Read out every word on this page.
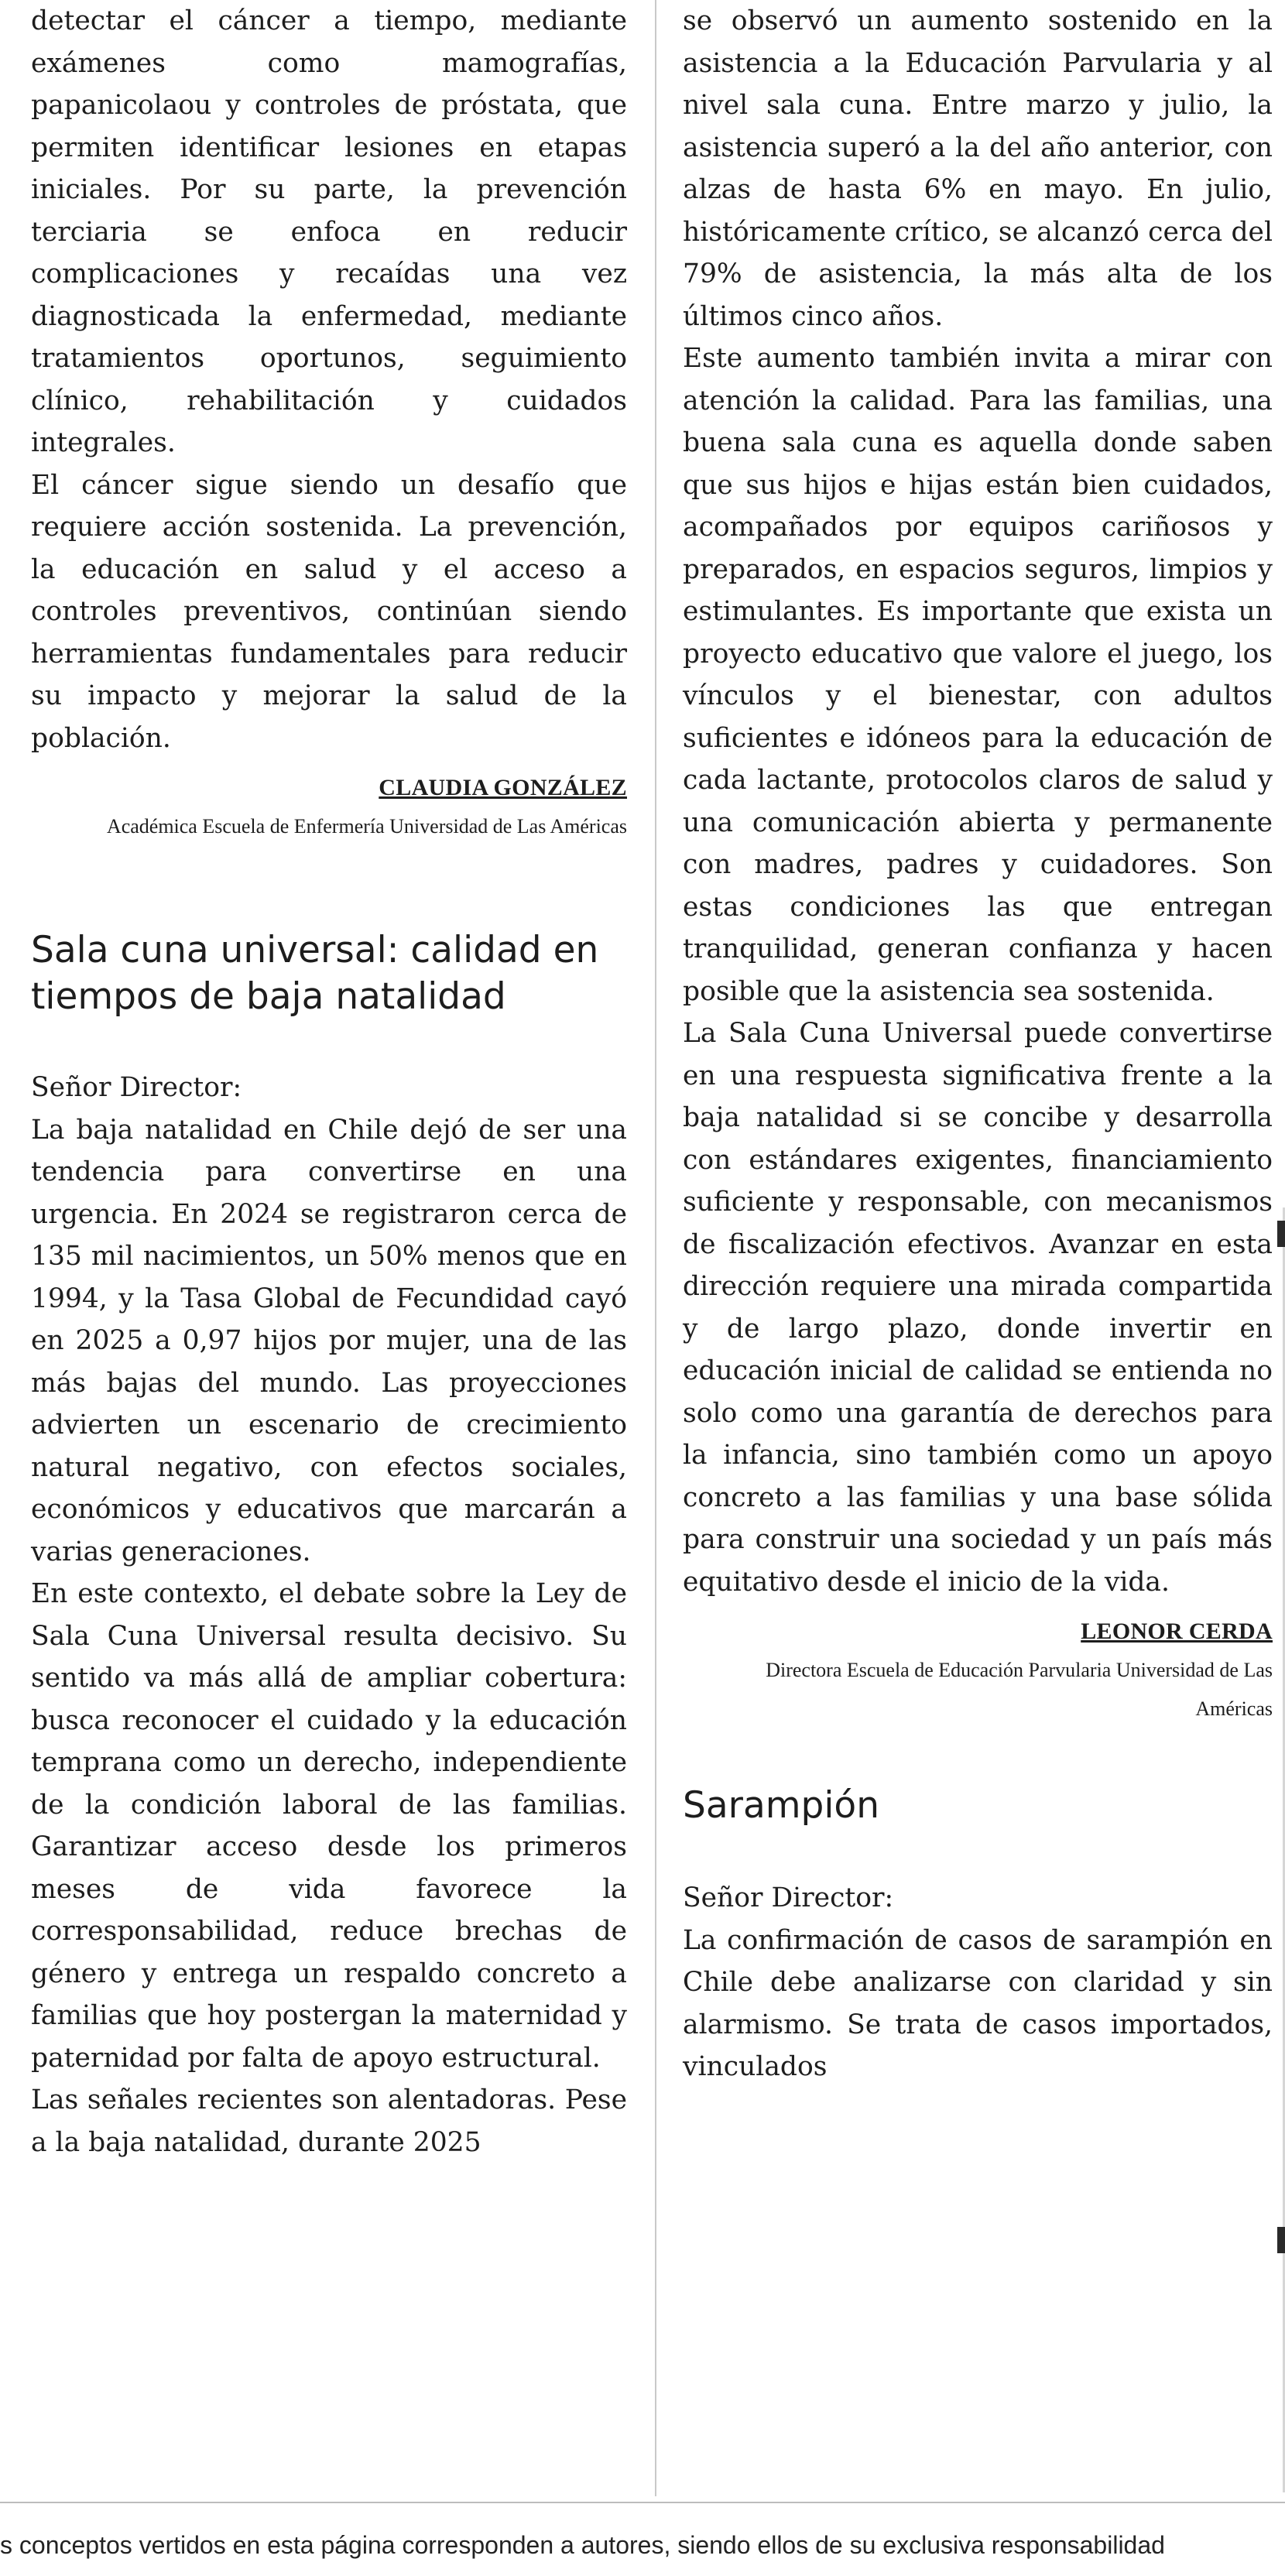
detectar el cáncer a tiempo, mediante exámenes como mamografías, papanicolaou y controles de próstata, que permiten identificar lesiones en etapas iniciales. Por su parte, la prevención terciaria se enfoca en reducir complicaciones y recaídas una vez diagnosticada la enfermedad, mediante tratamientos oportunos, seguimiento clínico, rehabilitación y cuidados integrales.

El cáncer sigue siendo un desafío que requiere acción sostenida. La prevención, la educación en salud y el acceso a controles preventivos, continúan siendo herramientas fundamentales para reducir su impacto y mejorar la salud de la población.

CLAUDIA GONZÁLEZ

Académica Escuela de Enfermería Universidad de Las Américas

Sala cuna universal: calidad en tiempos de baja natalidad

Señor Director:

La baja natalidad en Chile dejó de ser una tendencia para convertirse en una urgencia. En 2024 se registraron cerca de 135 mil nacimientos, un 50% menos que en 1994, y la Tasa Global de Fecundidad cayó en 2025 a 0,97 hijos por mujer, una de las más bajas del mundo. Las proyecciones advierten un escenario de crecimiento natural negativo, con efectos sociales, económicos y educativos que marcarán a varias generaciones.

En este contexto, el debate sobre la Ley de Sala Cuna Universal resulta decisivo. Su sentido va más allá de ampliar cobertura: busca reconocer el cuidado y la educación temprana como un derecho, independiente de la condición laboral de las familias. Garantizar acceso desde los primeros meses de vida favorece la corresponsabilidad, reduce brechas de género y entrega un respaldo concreto a familias que hoy postergan la maternidad y paternidad por falta de apoyo estructural.

Las señales recientes son alentadoras. Pese a la baja natalidad, durante 2025

se observó un aumento sostenido en la asistencia a la Educación Parvularia y al nivel sala cuna. Entre marzo y julio, la asistencia superó a la del año anterior, con alzas de hasta 6% en mayo. En julio, históricamente crítico, se alcanzó cerca del 79% de asistencia, la más alta de los últimos cinco años.

Este aumento también invita a mirar con atención la calidad. Para las familias, una buena sala cuna es aquella donde saben que sus hijos e hijas están bien cuidados, acompañados por equipos cariñosos y preparados, en espacios seguros, limpios y estimulantes. Es importante que exista un proyecto educativo que valore el juego, los vínculos y el bienestar, con adultos suficientes e idóneos para la educación de cada lactante, protocolos claros de salud y una comunicación abierta y permanente con madres, padres y cuidadores. Son estas condiciones las que entregan tranquilidad, generan confianza y hacen posible que la asistencia sea sostenida.

La Sala Cuna Universal puede convertirse en una respuesta significativa frente a la baja natalidad si se concibe y desarrolla con estándares exigentes, financiamiento suficiente y responsable, con mecanismos de fiscalización efectivos. Avanzar en esta dirección requiere una mirada compartida y de largo plazo, donde invertir en educación inicial de calidad se entienda no solo como una garantía de derechos para la infancia, sino también como un apoyo concreto a las familias y una base sólida para construir una sociedad y un país más equitativo desde el inicio de la vida.

LEONOR CERDA

Directora Escuela de Educación Parvularia Universidad de Las Américas

Sarampión

Señor Director:

La confirmación de casos de sarampión en Chile debe analizarse con claridad y sin alarmismo. Se trata de casos importados, vinculados

s conceptos vertidos en esta página corresponden a autores, siendo ellos de su exclusiva responsabilidad
